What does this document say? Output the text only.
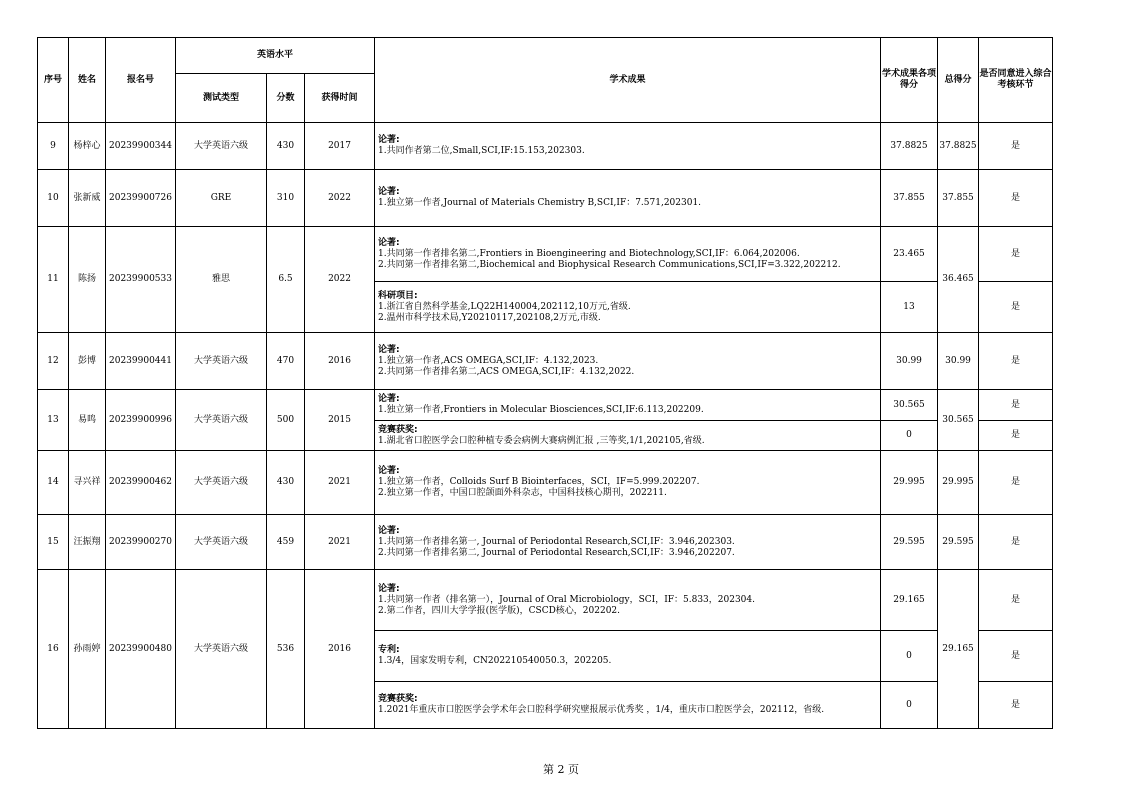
序号	姓名	报名号	英语水平			学术成果	学术成果各项得分	总得分	是否同意进入综合考核环节
			测试类型	分数	获得时间				
9	杨梓心	20239900344	大学英语六级	430	2017	论著:
1.共同作者第二位,Small,SCI,IF:15.153,202303.	37.8825	37.8825	是
10	张新威	20239900726	GRE	310	2022	论著:
1.独立第一作者,Journal of Materials Chemistry B,SCI,IF：7.571,202301.	37.855	37.855	是
11	陈扬	20239900533	雅思	6.5	2022	论著:
1.共同第一作者排名第二,Frontiers in Bioengineering and Biotechnology,SCI,IF：6.064,202006.
2.共同第一作者排名第二,Biochemical and Biophysical Research Communications,SCI,IF=3.322,202212.	23.465	36.465	是

						科研项目:
1.浙江省自然科学基金,LQ22H140004,202112,10万元,省级.
2.温州市科学技术局,Y20210117,202108,2万元,市级.	13		是
12	彭博	20239900441	大学英语六级	470	2016	论著:
1.独立第一作者,ACS OMEGA,SCI,IF：4.132,2023.
2.共同第一作者排名第二,ACS OMEGA,SCI,IF：4.132,2022.	30.99	30.99	是
13	易鸣	20239900996	大学英语六级	500	2015	论著:
1.独立第一作者,Frontiers in Molecular Biosciences,SCI,IF:6.113,202209.	30.565	30.565	是

						竞赛获奖:
1.湖北省口腔医学会口腔种植专委会病例大赛病例汇报 ,三等奖,1/1,202105,省级.	0		是
14	寻兴祥	20239900462	大学英语六级	430	2021	论著:
1.独立第一作者，Colloids Surf B Biointerfaces，SCI，IF=5.999.202207.
2.独立第一作者，中国口腔颌面外科杂志，中国科技核心期刊，202211.	29.995	29.995	是
15	汪振翔	20239900270	大学英语六级	459	2021	论著:
1.共同第一作者排名第一, Journal of Periodontal Research,SCI,IF：3.946,202303.
2.共同第一作者排名第二, Journal of Periodontal Research,SCI,IF：3.946,202207.	29.595	29.595	是
16	孙雨婷	20239900480	大学英语六级	536	2016	论著:
1.共同第一作者（排名第一），Journal of Oral Microbiology，SCI，IF：5.833，202304.
2.第二作者，四川大学学报(医学版)，CSCD核心，202202.	29.165	29.165	是

						专利:
1.3/4，国家发明专利，CN202210540050.3，202205.	0		是

						竞赛获奖:
1.2021年重庆市口腔医学会学术年会口腔科学研究壁报展示优秀奖 ，1/4，重庆市口腔医学会，202112，省级.	0		是
第 2 页
